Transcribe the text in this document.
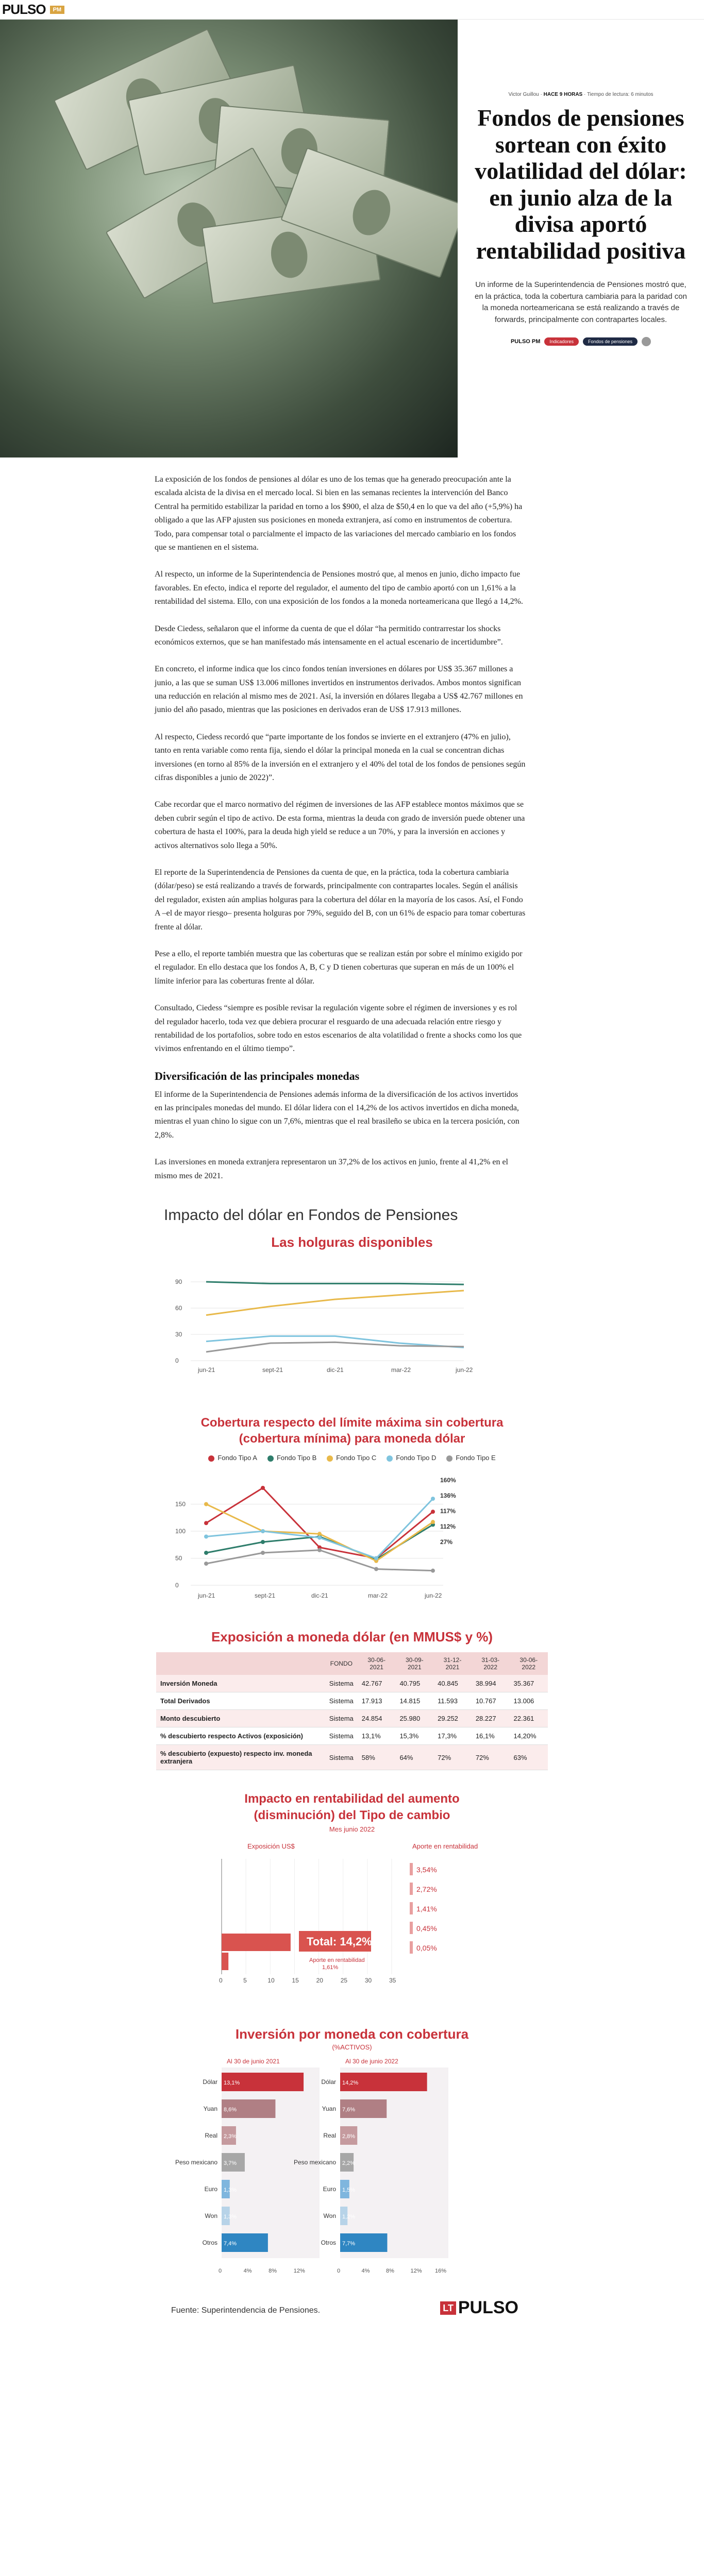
PULSO	PM
Victor Guillou · HACE 9 HORAS · Tiempo de lectura: 6 minutos
Fondos de pensiones sortean con éxito volatilidad del dólar: en junio alza de la divisa aportó rentabilidad positiva

Un informe de la Superintendencia de Pensiones mostró que, en la práctica, toda la cobertura cambiaria para la paridad con la moneda norteamericana se está realizando a través de forwards, principalmente con contrapartes locales.

PULSO PM	Indicadores	Fondos de pensiones

La exposición de los fondos de pensiones al dólar es uno de los temas que ha generado preocupación ante la escalada alcista de la divisa en el mercado local. Si bien en las semanas recientes la intervención del Banco Central ha permitido estabilizar la paridad en torno a los $900, el alza de $50,4 en lo que va del año (+5,9%) ha obligado a que las AFP ajusten sus posiciones en moneda extranjera, así como en instrumentos de cobertura. Todo, para compensar total o parcialmente el impacto de las variaciones del mercado cambiario en los fondos que se mantienen en el sistema.

Al respecto, un informe de la Superintendencia de Pensiones mostró que, al menos en junio, dicho impacto fue favorables. En efecto, indica el reporte del regulador, el aumento del tipo de cambio aportó con un 1,61% a la rentabilidad del sistema. Ello, con una exposición de los fondos a la moneda norteamericana que llegó a 14,2%.

Desde Ciedess, señalaron que el informe da cuenta de que el dólar “ha permitido contrarrestar los shocks económicos externos, que se han manifestado más intensamente en el actual escenario de incertidumbre”.

En concreto, el informe indica que los cinco fondos tenían inversiones en dólares por US$ 35.367 millones a junio, a las que se suman US$ 13.006 millones invertidos en instrumentos derivados. Ambos montos significan una reducción en relación al mismo mes de 2021. Así, la inversión en dólares llegaba a US$ 42.767 millones en junio del año pasado, mientras que las posiciones en derivados eran de US$ 17.913 millones.

Al respecto, Ciedess recordó que “parte importante de los fondos se invierte en el extranjero (47% en julio), tanto en renta variable como renta fija, siendo el dólar la principal moneda en la cual se concentran dichas inversiones (en torno al 85% de la inversión en el extranjero y el 40% del total de los fondos de pensiones según cifras disponibles a junio de 2022)”.

Cabe recordar que el marco normativo del régimen de inversiones de las AFP establece montos máximos que se deben cubrir según el tipo de activo. De esta forma, mientras la deuda con grado de inversión puede obtener una cobertura de hasta el 100%, para la deuda high yield se reduce a un 70%, y para la inversión en acciones y activos alternativos solo llega a 50%.

El reporte de la Superintendencia de Pensiones da cuenta de que, en la práctica, toda la cobertura cambiaria (dólar/peso) se está realizando a través de forwards, principalmente con contrapartes locales. Según el análisis del regulador, existen aún amplias holguras para la cobertura del dólar en la mayoría de los casos. Así, el Fondo A –el de mayor riesgo– presenta holguras por 79%, seguido del B, con un 61% de espacio para tomar coberturas frente al dólar.

Pese a ello, el reporte también muestra que las coberturas que se realizan están por sobre el mínimo exigido por el regulador. En ello destaca que los fondos A, B, C y D tienen coberturas que superan en más de un 100% el límite inferior para las coberturas frente al dólar.

Consultado, Ciedess “siempre es posible revisar la regulación vigente sobre el régimen de inversiones y es rol del regulador hacerlo, toda vez que debiera procurar el resguardo de una adecuada relación entre riesgo y rentabilidad de los portafolios, sobre todo en estos escenarios de alta volatilidad o frente a shocks como los que vivimos enfrentando en el último tiempo”.

Diversificación de las principales monedas

El informe de la Superintendencia de Pensiones además informa de la diversificación de los activos invertidos en las principales monedas del mundo. El dólar lidera con el 14,2% de los activos invertidos en dicha moneda, mientras el yuan chino lo sigue con un 7,6%, mientras que el real brasileño se ubica en la tercera posición, con 2,8%.

Las inversiones en moneda extranjera representaron un 37,2% de los activos en junio, frente al 41,2% en el mismo mes de 2021.

Impacto del dólar en Fondos de Pensiones
Las holguras disponibles
0
30
60
90
jun-21	sept-21	dic-21	mar-22	jun-22
Cobertura respecto del límite máxima sin cobertura (cobertura mínima) para moneda dólar
Fondo Tipo A	Fondo Tipo B	Fondo Tipo C	Fondo Tipo D	Fondo Tipo E
0
50
100
150
jun-21	sept-21	dic-21	mar-22	jun-22
160%
136%
117%
112%
27%
Exposición a moneda dólar (en MMUS$ y %)
	FONDO	30-06-2021	30-09-2021	31-12-2021	31-03-2022	30-06-2022
Inversión Moneda	Sistema	42.767	40.795	40.845	38.994	35.367
Total Derivados	Sistema	17.913	14.815	11.593	10.767	13.006
Monto descubierto	Sistema	24.854	25.980	29.252	28.227	22.361
% descubierto respecto Activos (exposición)	Sistema	13,1%	15,3%	17,3%	16,1%	14,20%
% descubierto (expuesto) respecto inv. moneda extranjera	Sistema	58%	64%	72%	72%	63%
Impacto en rentabilidad del aumento (disminución) del Tipo de cambio
Mes junio 2022
Exposición US$	Aporte en rentabilidad
0	5	10	15	20	25	30	35
3,54%
2,72%
1,41%
0,45%
0,05%
Total: 14,2%
Aporte en rentabilidad
1,61%
Inversión por moneda con cobertura
(%ACTIVOS)
Al 30 de junio 2021
0	4%	8%	12%
Dólar 13,1%
Yuan 8,6%
Real 2,3%
Peso mexicano 3,7%
Euro 1,3%
Won 1,3%
Otros 7,4%
Al 30 de junio 2022
0	4%	8%	12% 16%
Dólar 14,2%
Yuan 7,6%
Real 2,8%
Peso mexicano 2,2%
Euro 1,5%
Won 1,2%
Otros 7,7%
Fuente: Superintendencia de Pensiones.	LT PULSO
